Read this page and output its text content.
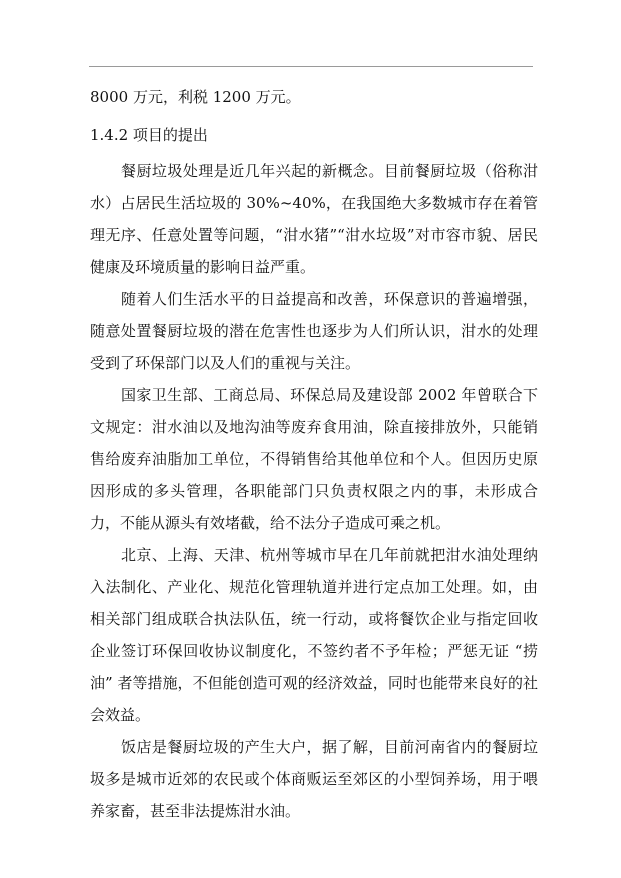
8000 万元，利税 1200 万元。

1.4.2 项目的提出

餐厨垃圾处理是近几年兴起的新概念。目前餐厨垃圾（俗称泔水）占居民生活垃圾的 30%~40%，在我国绝大多数城市存在着管理无序、任意处置等问题，“泔水猪”“泔水垃圾”对市容市貌、居民健康及环境质量的影响日益严重。

随着人们生活水平的日益提高和改善，环保意识的普遍增强，随意处置餐厨垃圾的潜在危害性也逐步为人们所认识，泔水的处理受到了环保部门以及人们的重视与关注。

国家卫生部、工商总局、环保总局及建设部 2002 年曾联合下文规定：泔水油以及地沟油等废弃食用油，除直接排放外，只能销售给废弃油脂加工单位，不得销售给其他单位和个人。但因历史原因形成的多头管理，各职能部门只负责权限之内的事，未形成合力，不能从源头有效堵截，给不法分子造成可乘之机。

北京、上海、天津、杭州等城市早在几年前就把泔水油处理纳入法制化、产业化、规范化管理轨道并进行定点加工处理。如，由相关部门组成联合执法队伍，统一行动，或将餐饮企业与指定回收企业签订环保回收协议制度化，不签约者不予年检；严惩无证 “捞油” 者等措施，不但能创造可观的经济效益，同时也能带来良好的社会效益。

饭店是餐厨垃圾的产生大户，据了解，目前河南省内的餐厨垃圾多是城市近郊的农民或个体商贩运至郊区的小型饲养场，用于喂养家畜，甚至非法提炼泔水油。
